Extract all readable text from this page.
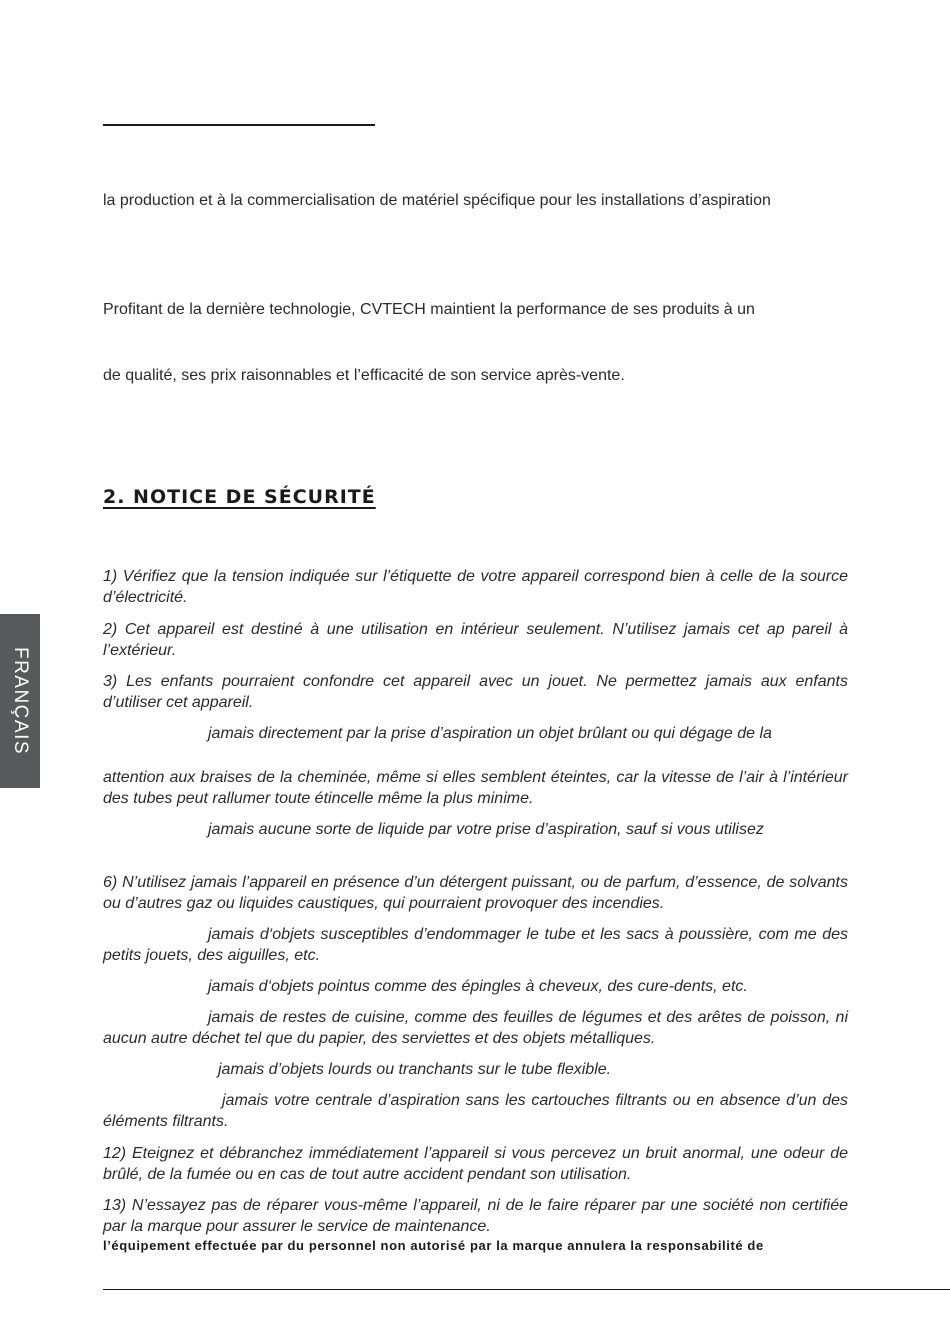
la production et à la commercialisation de matériel spécifique pour les installations d’aspiration
Profitant de la dernière technologie, CVTECH maintient la performance de ses produits à un
de qualité, ses prix raisonnables et l’efficacité de son service après-vente.
2. NOTICE DE SÉCURITÉ
1) Vérifiez que la tension indiquée sur l’étiquette de votre appareil correspond bien à celle de la source d’électricité.
2) Cet appareil est destiné à une utilisation en intérieur seulement. N’utilisez jamais cet ap pareil à l’extérieur.
3) Les enfants pourraient confondre cet appareil avec un jouet. Ne permettez jamais aux enfants d’utiliser cet appareil.
jamais directement par la prise d’aspiration un objet brûlant ou qui dégage de la
attention aux braises de la cheminée, même si elles semblent éteintes, car la vitesse de l’air à l’intérieur des tubes peut rallumer toute étincelle même la plus minime.
jamais aucune sorte de liquide par votre prise d’aspiration, sauf si vous utilisez
6) N’utilisez jamais l’appareil en présence d’un détergent puissant, ou de parfum, d’essence, de solvants ou d’autres gaz ou liquides caustiques, qui pourraient provoquer des incendies.
jamais d‘objets susceptibles d’endommager le tube et les sacs à poussière, com me des petits jouets, des aiguilles, etc.
jamais d‘objets pointus comme des épingles à cheveux, des cure-dents, etc.
jamais de restes de cuisine, comme des feuilles de légumes et des arêtes de poisson, ni aucun autre déchet tel que du papier, des serviettes et des objets métalliques.
jamais d’objets lourds ou tranchants sur le tube flexible.
jamais votre centrale d’aspiration sans les cartouches filtrants ou en absence d’un des éléments filtrants.
12) Eteignez et débranchez immédiatement l’appareil si vous percevez un bruit anormal, une odeur de brûlé, de la fumée ou en cas de tout autre accident pendant son utilisation.
13) N’essayez pas de réparer vous-même l’appareil, ni de le faire réparer par une société non certifiée par la marque pour assurer le service de maintenance.
l’équipement effectuée par du personnel non autorisé par la marque annulera la responsabilité de
FRANÇAIS
